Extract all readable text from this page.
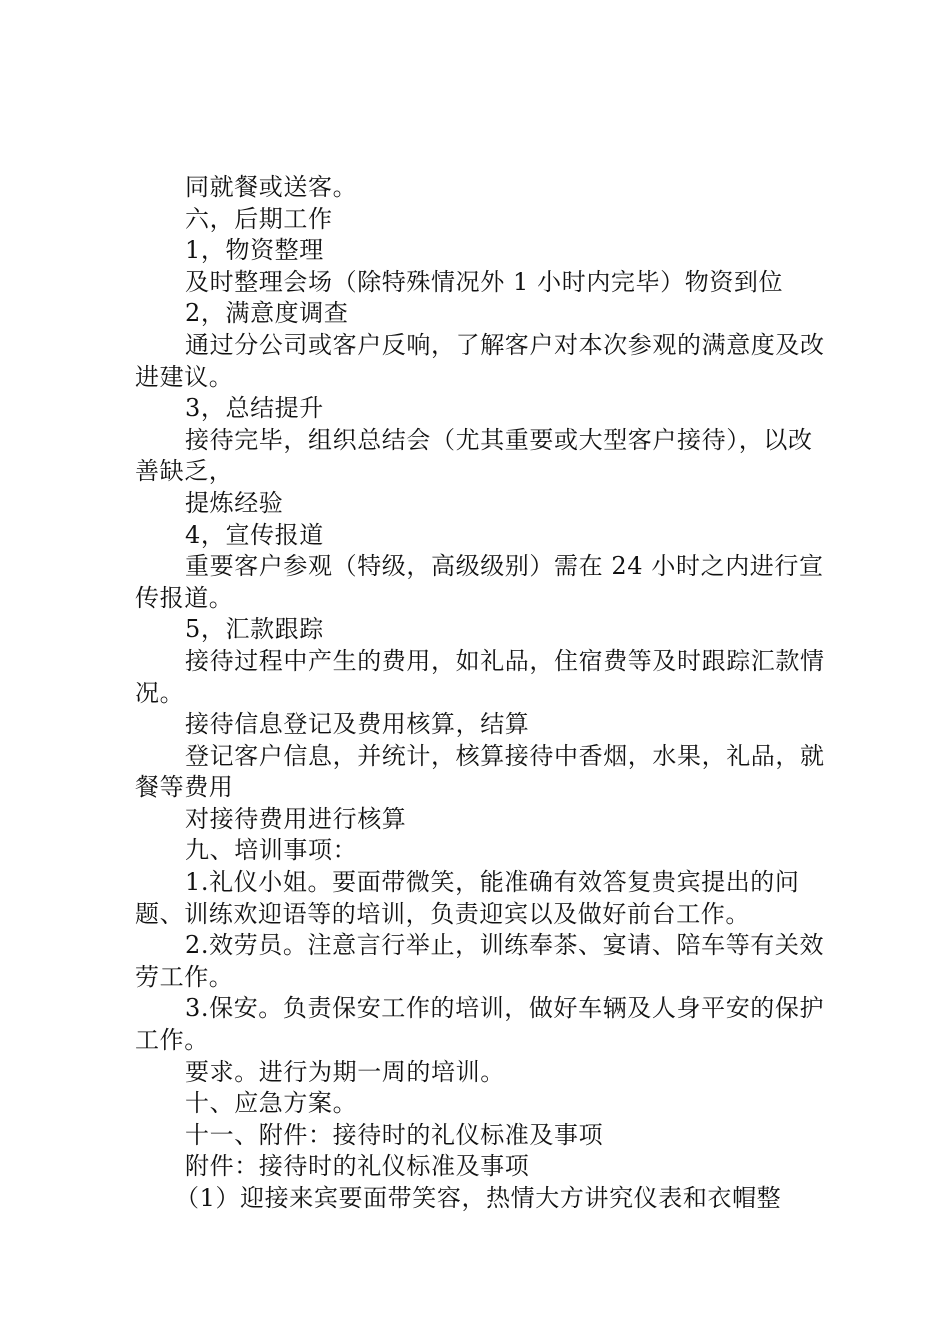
同就餐或送客。

六，后期工作

1，物资整理

及时整理会场（除特殊情况外 1 小时内完毕）物资到位

2，满意度调查

通过分公司或客户反响，了解客户对本次参观的满意度及改进建议。

3，总结提升

接待完毕，组织总结会（尤其重要或大型客户接待），以改善缺乏，

提炼经验

4，宣传报道

重要客户参观（特级，高级级别）需在 24 小时之内进行宣传报道。

5，汇款跟踪

接待过程中产生的费用，如礼品，住宿费等及时跟踪汇款情况。

接待信息登记及费用核算，结算

登记客户信息，并统计，核算接待中香烟，水果，礼品，就餐等费用

对接待费用进行核算

九、培训事项：

1.礼仪小姐。要面带微笑，能准确有效答复贵宾提出的问题、训练欢迎语等的培训，负责迎宾以及做好前台工作。

2.效劳员。注意言行举止，训练奉茶、宴请、陪车等有关效劳工作。

3.保安。负责保安工作的培训，做好车辆及人身平安的保护工作。

要求。进行为期一周的培训。

十、应急方案。

十一、附件：接待时的礼仪标准及事项

附件：接待时的礼仪标准及事项

（1）迎接来宾要面带笑容，热情大方讲究仪表和衣帽整
